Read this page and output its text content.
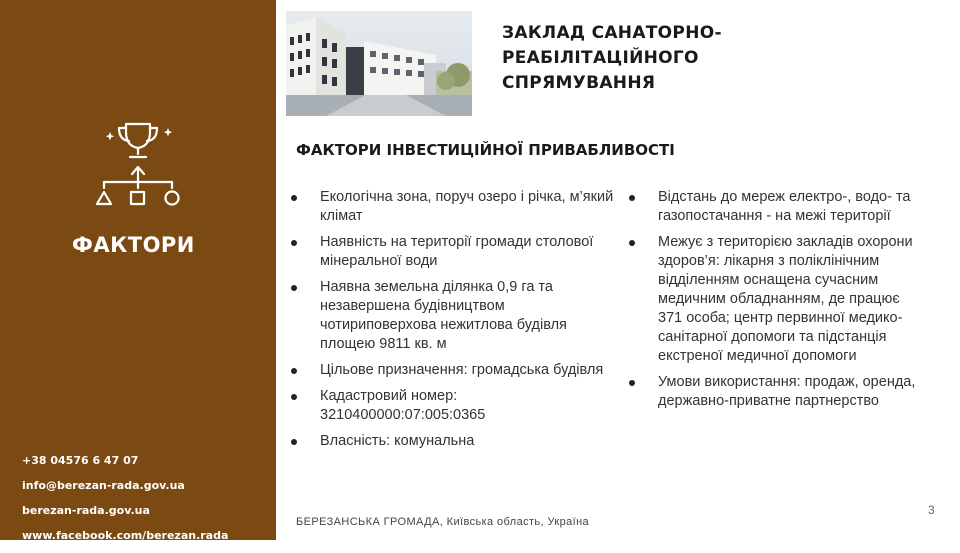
ФАКТОРИ
+38 04576 6 47 07
info@berezan-rada.gov.ua
berezan-rada.gov.ua
www.facebook.com/berezan.rada
ЗАКЛАД САНАТОРНО-
РЕАБІЛІТАЦІЙНОГО
СПРЯМУВАННЯ
ФАКТОРИ ІНВЕСТИЦІЙНОЇ ПРИВАБЛИВОСТІ
Екологічна зона, поруч озеро і річка, м’який клімат
Наявність на території громади столової мінеральної води
Наявна земельна ділянка 0,9 га та незавершена будівництвом чотириповерхова нежитлова будівля площею 9811 кв. м
Цільове призначення: громадська будівля
Кадастровий номер: 3210400000:07:005:0365
Власність: комунальна
Відстань до мереж електро-, водо- та газопостачання - на межі території
Межує з територією закладів охорони здоров’я: лікарня з поліклінічним відділенням оснащена сучасним медичним обладнанням, де працює 371 особа; центр первинної медико-санітарної допомоги та підстанція екстреної медичної допомоги
Умови використання: продаж, оренда, державно-приватне партнерство
БЕРЕЗАНСЬКА ГРОМАДА, Київська область, Україна
3
